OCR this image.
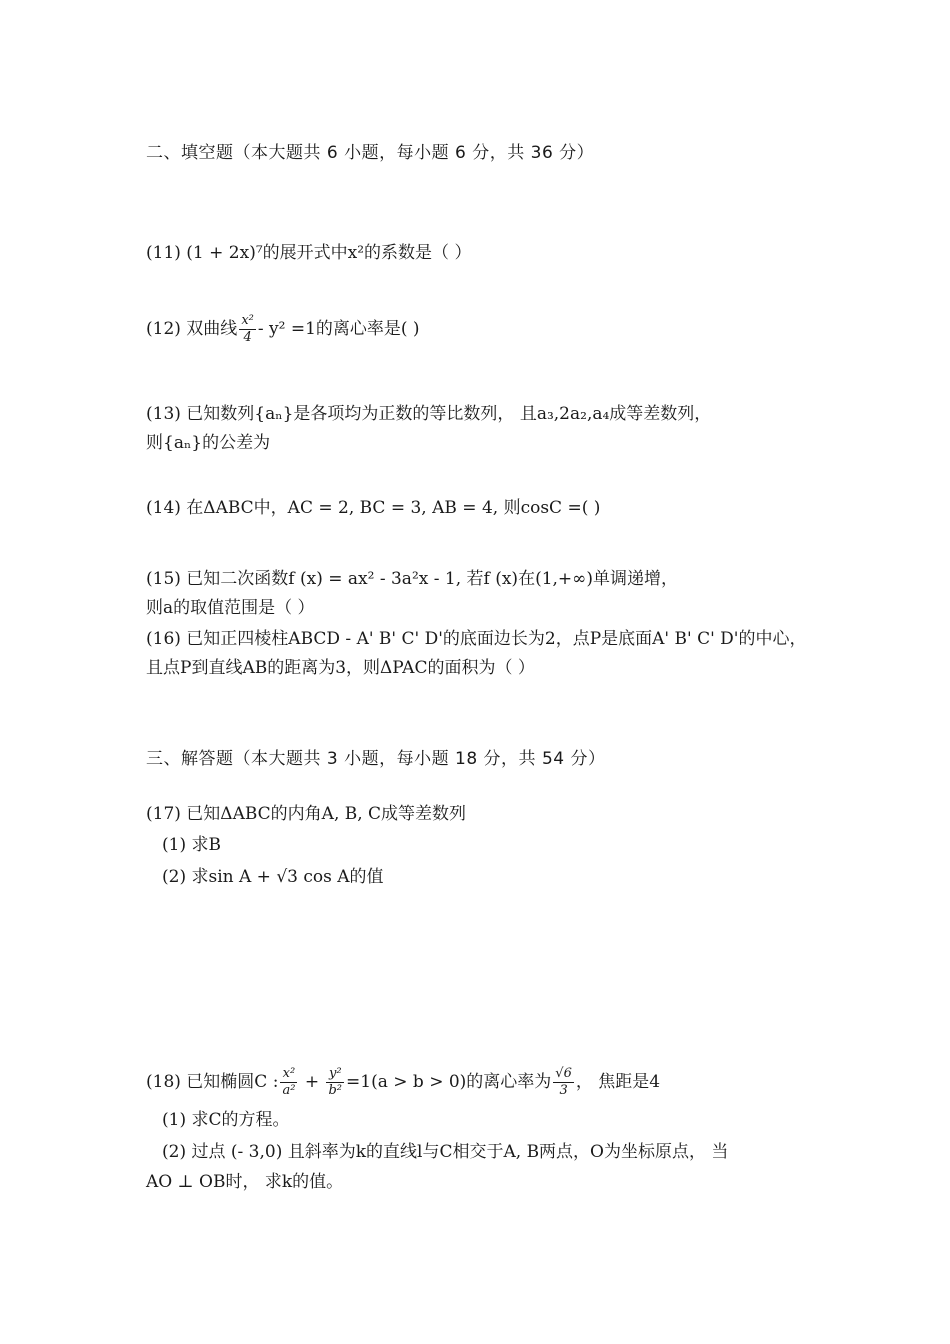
二、填空题（本大题共 6 小题，每小题 6 分，共 36 分）
(11) (1 + 2x)⁷的展开式中x²的系数是（ ）
(12) 双曲线 $\frac{\text{x²}}{4} - y^2 =1$的离心率是( )
(13) 已知数列{aₙ}是各项均为正数的等比数列， 且a₃,2a₂,a₄成等差数列，
则{aₙ}的公差为
(14) 在ΔABC中，AC = 2, BC = 3, AB = 4, 则cosC =( )
(15) 已知二次函数f (x) = ax² - 3a²x - 1, 若f (x)在(1,+∞)单调递增，
则a的取值范围是（ ）
(16) 已知正四棱柱ABCD - A' B' C' D'的底面边长为2，点P是底面A' B' C' D'的中心，
且点P到直线AB的距离为3，则ΔPAC的面积为（ ）
三、解答题（本大题共 3 小题，每小题 18 分，共 54 分）
(17) 已知ΔABC的内角A, B, C成等差数列
(1) 求B
(2) 求sin A + √3 cos A的值
(18) 已知椭圆C : $\frac{\text{x²}}{\text{a²}} + \frac{\text{y²}}{\text{b²}} =1(a > b > 0)$的离心率为 $\frac{√6}{3}$ ， 焦距是4
(1) 求C的方程。
(2) 过点 (- 3,0) 且斜率为k的直线l与C相交于A, B两点，O为坐标原点， 当
AO ⊥ OB时， 求k的值。
